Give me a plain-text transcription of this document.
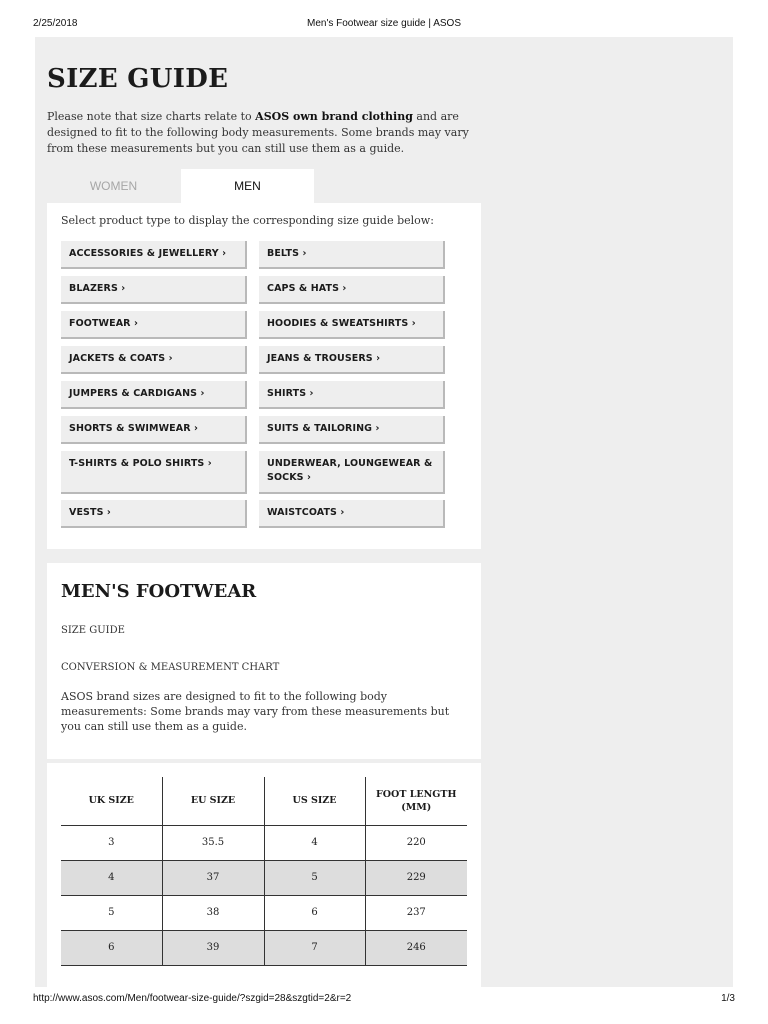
2/25/2018	Men's Footwear size guide | ASOS
SIZE GUIDE

Please note that size charts relate to ASOS own brand clothing and are designed to fit to the following body measurements. Some brands may vary from these measurements but you can still use them as a guide.

WOMEN	MEN
Select product type to display the corresponding size guide below:
ACCESSORIES & JEWELLERY ›	BELTS ›
BLAZERS ›	CAPS & HATS ›
FOOTWEAR ›	HOODIES & SWEATSHIRTS ›
JACKETS & COATS ›	JEANS & TROUSERS ›
JUMPERS & CARDIGANS ›	SHIRTS ›
SHORTS & SWIMWEAR ›	SUITS & TAILORING ›
T-SHIRTS & POLO SHIRTS ›	UNDERWEAR, LOUNGEWEAR & SOCKS ›
VESTS ›	WAISTCOATS ›
MEN'S FOOTWEAR
SIZE GUIDE
CONVERSION & MEASUREMENT CHART

ASOS brand sizes are designed to fit to the following body measurements: Some brands may vary from these measurements but you can still use them as a guide.

UK SIZE	EU SIZE	US SIZE	FOOT LENGTH (MM)
3	35.5	4	220
4	37	5	229
5	38	6	237
6	39	7	246
http://www.asos.com/Men/footwear-size-guide/?szgid=28&szgtid=2&r=2	1/3
